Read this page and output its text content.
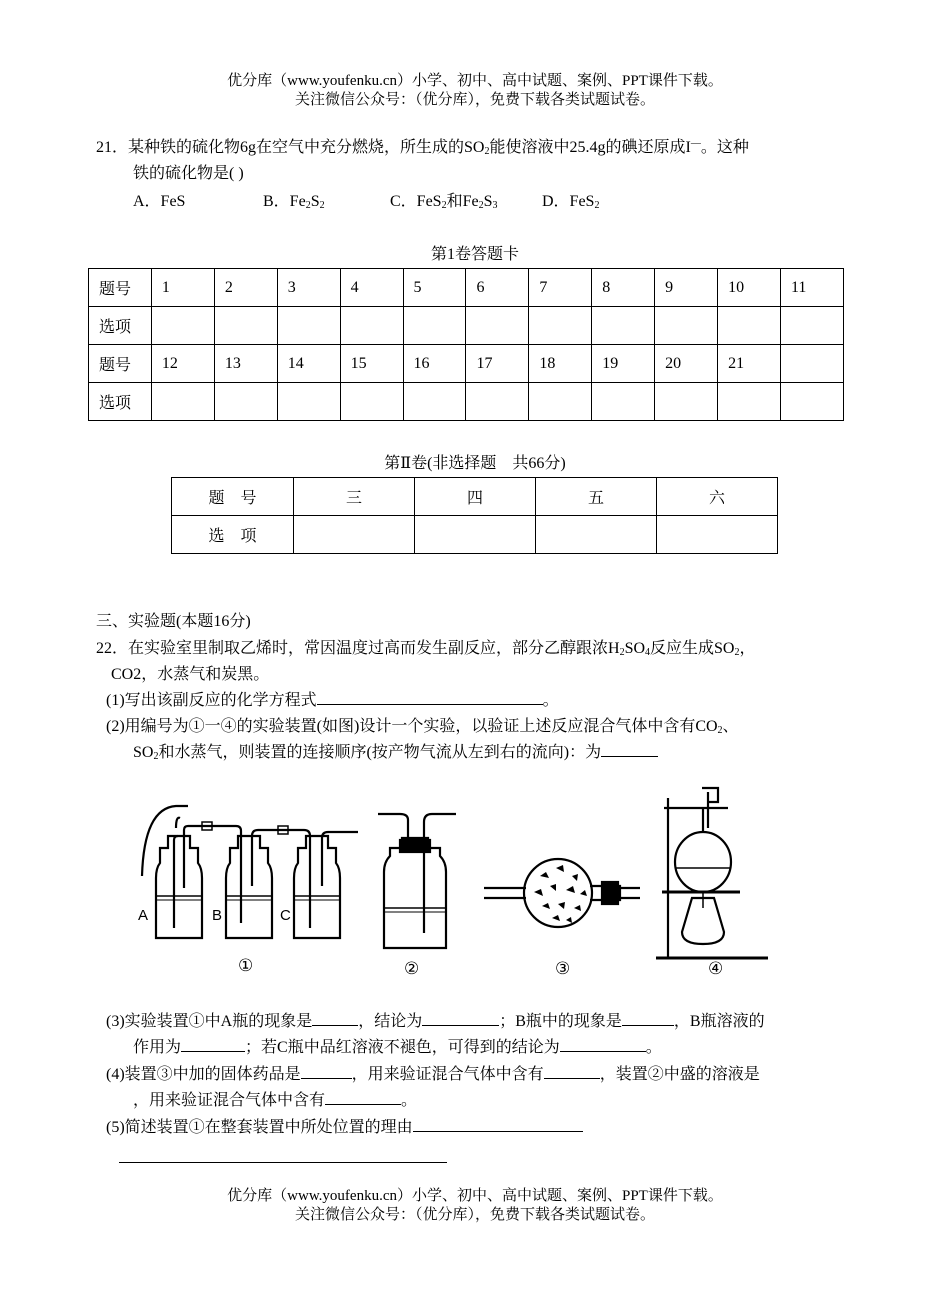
优分库（www.youfenku.cn）小学、初中、高中试题、案例、PPT课件下载。
关注微信公众号：（优分库），免费下载各类试题试卷。
21．某种铁的硫化物6g在空气中充分燃烧，所生成的$SO_2$能使溶液中25.4g的碘还原成I—。这种
铁的硫化物是( )
A．FeS	B．$Fe_2S_2$	C．FeS$_2$和$Fe_2S_3$	D．FeS$_2$
第1卷答题卡
题号	1	2	3	4	5	6	7	8	9	10	11
选项											
题号	12	13	14	15	16	17	18	19	20	21	
选项											
第Ⅱ卷(非选择题　共66分)
题　号	三	四	五	六
选　项				
三、实验题(本题16分)
22．在实验室里制取乙烯时，常因温度过高而发生副反应，部分乙醇跟浓$H_2SO_4$反应生成$SO_2$，
CO2，水蒸气和炭黑。
(1)写出该副反应的化学方程式	。
(2)用编号为①一④的实验装置(如图)设计一个实验，以验证上述反应混合气体中含有$CO_2$、
$SO_2$和水蒸气，则装置的连接顺序(按产物气流从左到右的流向)：为
A	B	C
①	②	③	④
(3)实验装置①中A瓶的现象是	，结论为	；B瓶中的现象是	，B瓶溶液的
作用为	；若C瓶中品红溶液不褪色，可得到的结论为	。
(4)装置③中加的固体药品是	，用来验证混合气体中含有	，装置②中盛的溶液是
，用来验证混合气体中含有	。
(5)简述装置①在整套装置中所处位置的理由
优分库（www.youfenku.cn）小学、初中、高中试题、案例、PPT课件下载。
关注微信公众号：（优分库），免费下载各类试题试卷。
